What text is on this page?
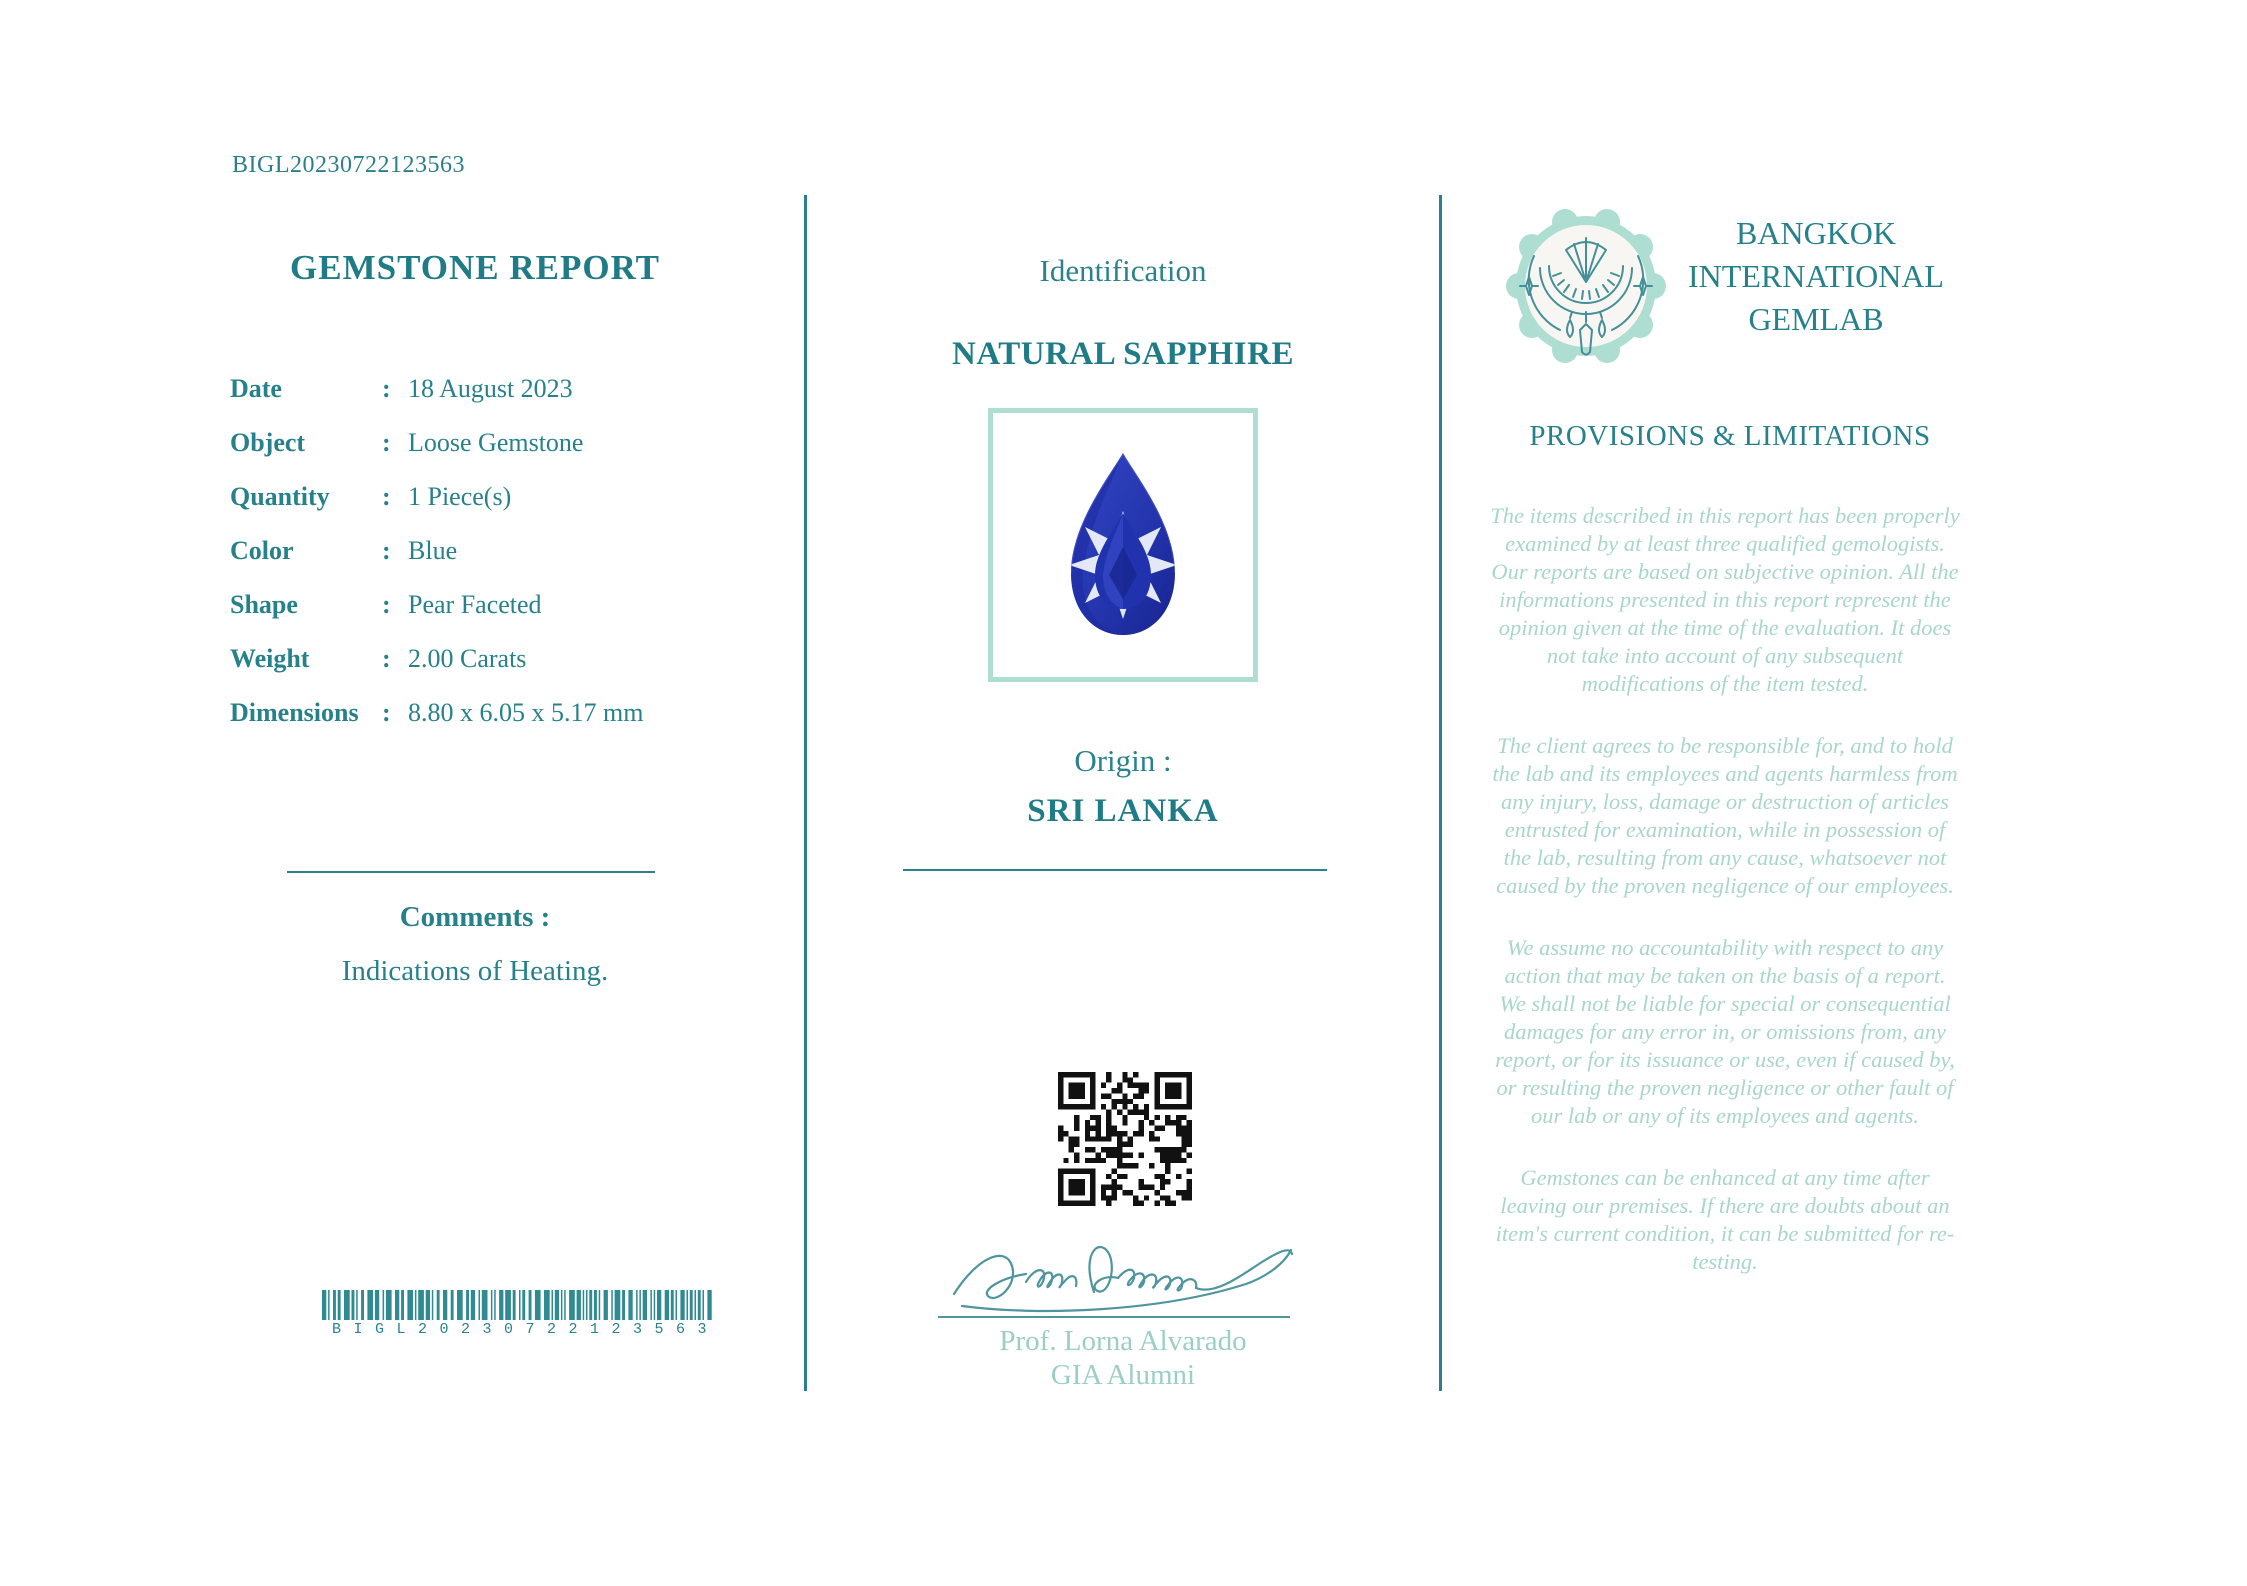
BIGL20230722123563
GEMSTONE REPORT
Date	: 18 August 2023
Object	: Loose Gemstone
Quantity	: 1 Piece(s)
Color	: Blue
Shape	: Pear Faceted
Weight	: 2.00 Carats
Dimensions : 8.80 x 6.05 x 5.17 mm
Comments :
Indications of Heating.
BIGL20230722123563
Identification
NATURAL SAPPHIRE
Origin :
SRI LANKA
Prof. Lorna Alvarado
GIA Alumni
BANGKOK INTERNATIONAL GEMLAB
PROVISIONS & LIMITATIONS

The items described in this report has been properly examined by at least three qualified gemologists. Our reports are based on subjective opinion. All the informations presented in this report represent the opinion given at the time of the evaluation. It does not take into account of any subsequent modifications of the item tested.

The client agrees to be responsible for, and to hold the lab and its employees and agents harmless from any injury, loss, damage or destruction of articles entrusted for examination, while in possession of the lab, resulting from any cause, whatsoever not caused by the proven negligence of our employees.

We assume no accountability with respect to any action that may be taken on the basis of a report. We shall not be liable for special or consequential damages for any error in, or omissions from, any report, or for its issuance or use, even if caused by, or resulting the proven negligence or other fault of our lab or any of its employees and agents.

Gemstones can be enhanced at any time after leaving our premises. If there are doubts about an item's current condition, it can be submitted for re-testing.
